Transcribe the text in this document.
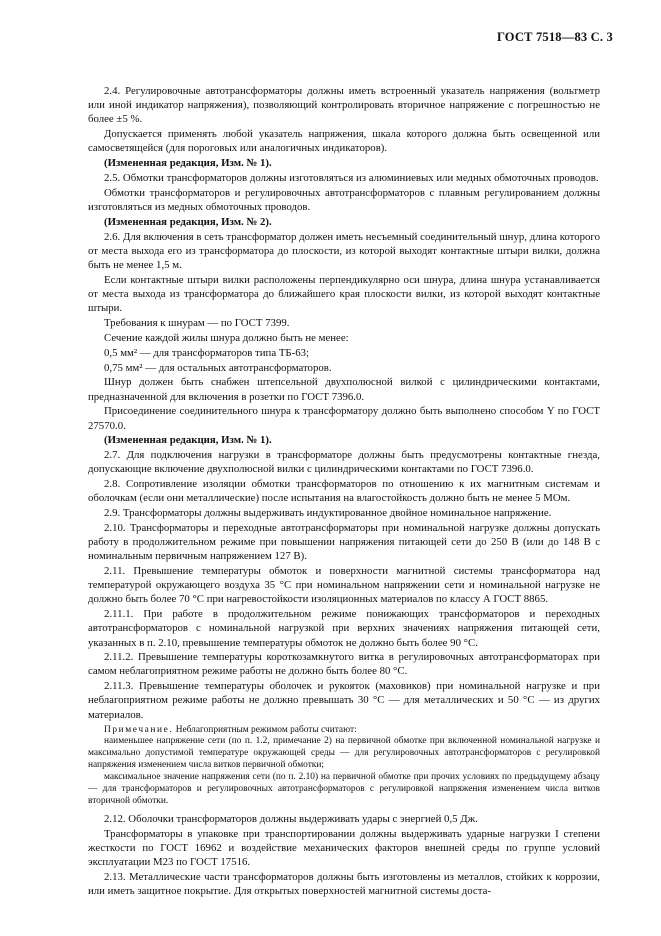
ГОСТ 7518—83 С. 3

2.4. Регулировочные автотрансформаторы должны иметь встроенный указатель напряжения (вольтметр или иной индикатор напряжения), позволяющий контролировать вторичное напряжение с погрешностью не более ±5 %.

Допускается применять любой указатель напряжения, шкала которого должна быть освещенной или самосветящейся (для пороговых или аналогичных индикаторов).

(Измененная редакция, Изм. № 1).

2.5. Обмотки трансформаторов должны изготовляться из алюминиевых или медных обмоточных проводов.

Обмотки трансформаторов и регулировочных автотрансформаторов с плавным регулированием должны изготовляться из медных обмоточных проводов.

(Измененная редакция, Изм. № 2).

2.6. Для включения в сеть трансформатор должен иметь несъемный соединительный шнур, длина которого от места выхода его из трансформатора до плоскости, из которой выходят контактные штыри вилки, должна быть не менее 1,5 м.

Если контактные штыри вилки расположены перпендикулярно оси шнура, длина шнура устанавливается от места выхода из трансформатора до ближайшего края плоскости вилки, из которой выходят контактные штыри.

Требования к шнурам — по ГОСТ 7399.

Сечение каждой жилы шнура должно быть не менее:

0,5 мм² — для трансформаторов типа ТБ-63;

0,75 мм² — для остальных автотрансформаторов.

Шнур должен быть снабжен штепсельной двухполюсной вилкой с цилиндрическими контактами, предназначенной для включения в розетки по ГОСТ 7396.0.

Присоединение соединительного шнура к трансформатору должно быть выполнено способом Y по ГОСТ 27570.0.

(Измененная редакция, Изм. № 1).

2.7. Для подключения нагрузки в трансформаторе должны быть предусмотрены контактные гнезда, допускающие включение двухполюсной вилки с цилиндрическими контактами по ГОСТ 7396.0.

2.8. Сопротивление изоляции обмотки трансформаторов по отношению к их магнитным системам и оболочкам (если они металлические) после испытания на влагостойкость должно быть не менее 5 МОм.

2.9. Трансформаторы должны выдерживать индуктированное двойное номинальное напряжение.

2.10. Трансформаторы и переходные автотрансформаторы при номинальной нагрузке должны допускать работу в продолжительном режиме при повышении напряжения питающей сети до 250 В (или до 148 В с номинальным первичным напряжением 127 В).

2.11. Превышение температуры обмоток и поверхности магнитной системы трансформатора над температурой окружающего воздуха 35 °С при номинальном напряжении сети и номинальной нагрузке не должно быть более 70 °С при нагревостойкости изоляционных материалов по классу А ГОСТ 8865.

2.11.1. При работе в продолжительном режиме понижающих трансформаторов и переходных автотрансформаторов с номинальной нагрузкой при верхних значениях напряжения питающей сети, указанных в п. 2.10, превышение температуры обмоток не должно быть более 90 °С.

2.11.2. Превышение температуры короткозамкнутого витка в регулировочных автотрансформаторах при самом неблагоприятном режиме работы не должно быть более 80 °С.

2.11.3. Превышение температуры оболочек и рукояток (маховиков) при номинальной нагрузке и при неблагоприятном режиме работы не должно превышать 30 °С — для металлических и 50 °С — из других материалов.

Примечание. Неблагоприятным режимом работы считают:

наименьшее напряжение сети (по п. 1.2, примечание 2) на первичной обмотке при включенной номинальной нагрузке и максимально допустимой температуре окружающей среды — для регулировочных автотрансформаторов с регулировкой напряжения изменением числа витков первичной обмотки;

максимальное значение напряжения сети (по п. 2.10) на первичной обмотке при прочих условиях по предыдущему абзацу — для трансформаторов и регулировочных автотрансформаторов с регулировкой напряжения изменением числа витков вторичной обмотки.

2.12. Оболочки трансформаторов должны выдерживать удары с энергией 0,5 Дж.

Трансформаторы в упаковке при транспортировании должны выдерживать ударные нагрузки I степени жесткости по ГОСТ 16962 и воздействие механических факторов внешней среды по группе условий эксплуатации М23 по ГОСТ 17516.

2.13. Металлические части трансформаторов должны быть изготовлены из металлов, стойких к коррозии, или иметь защитное покрытие. Для открытых поверхностей магнитной системы доста-
